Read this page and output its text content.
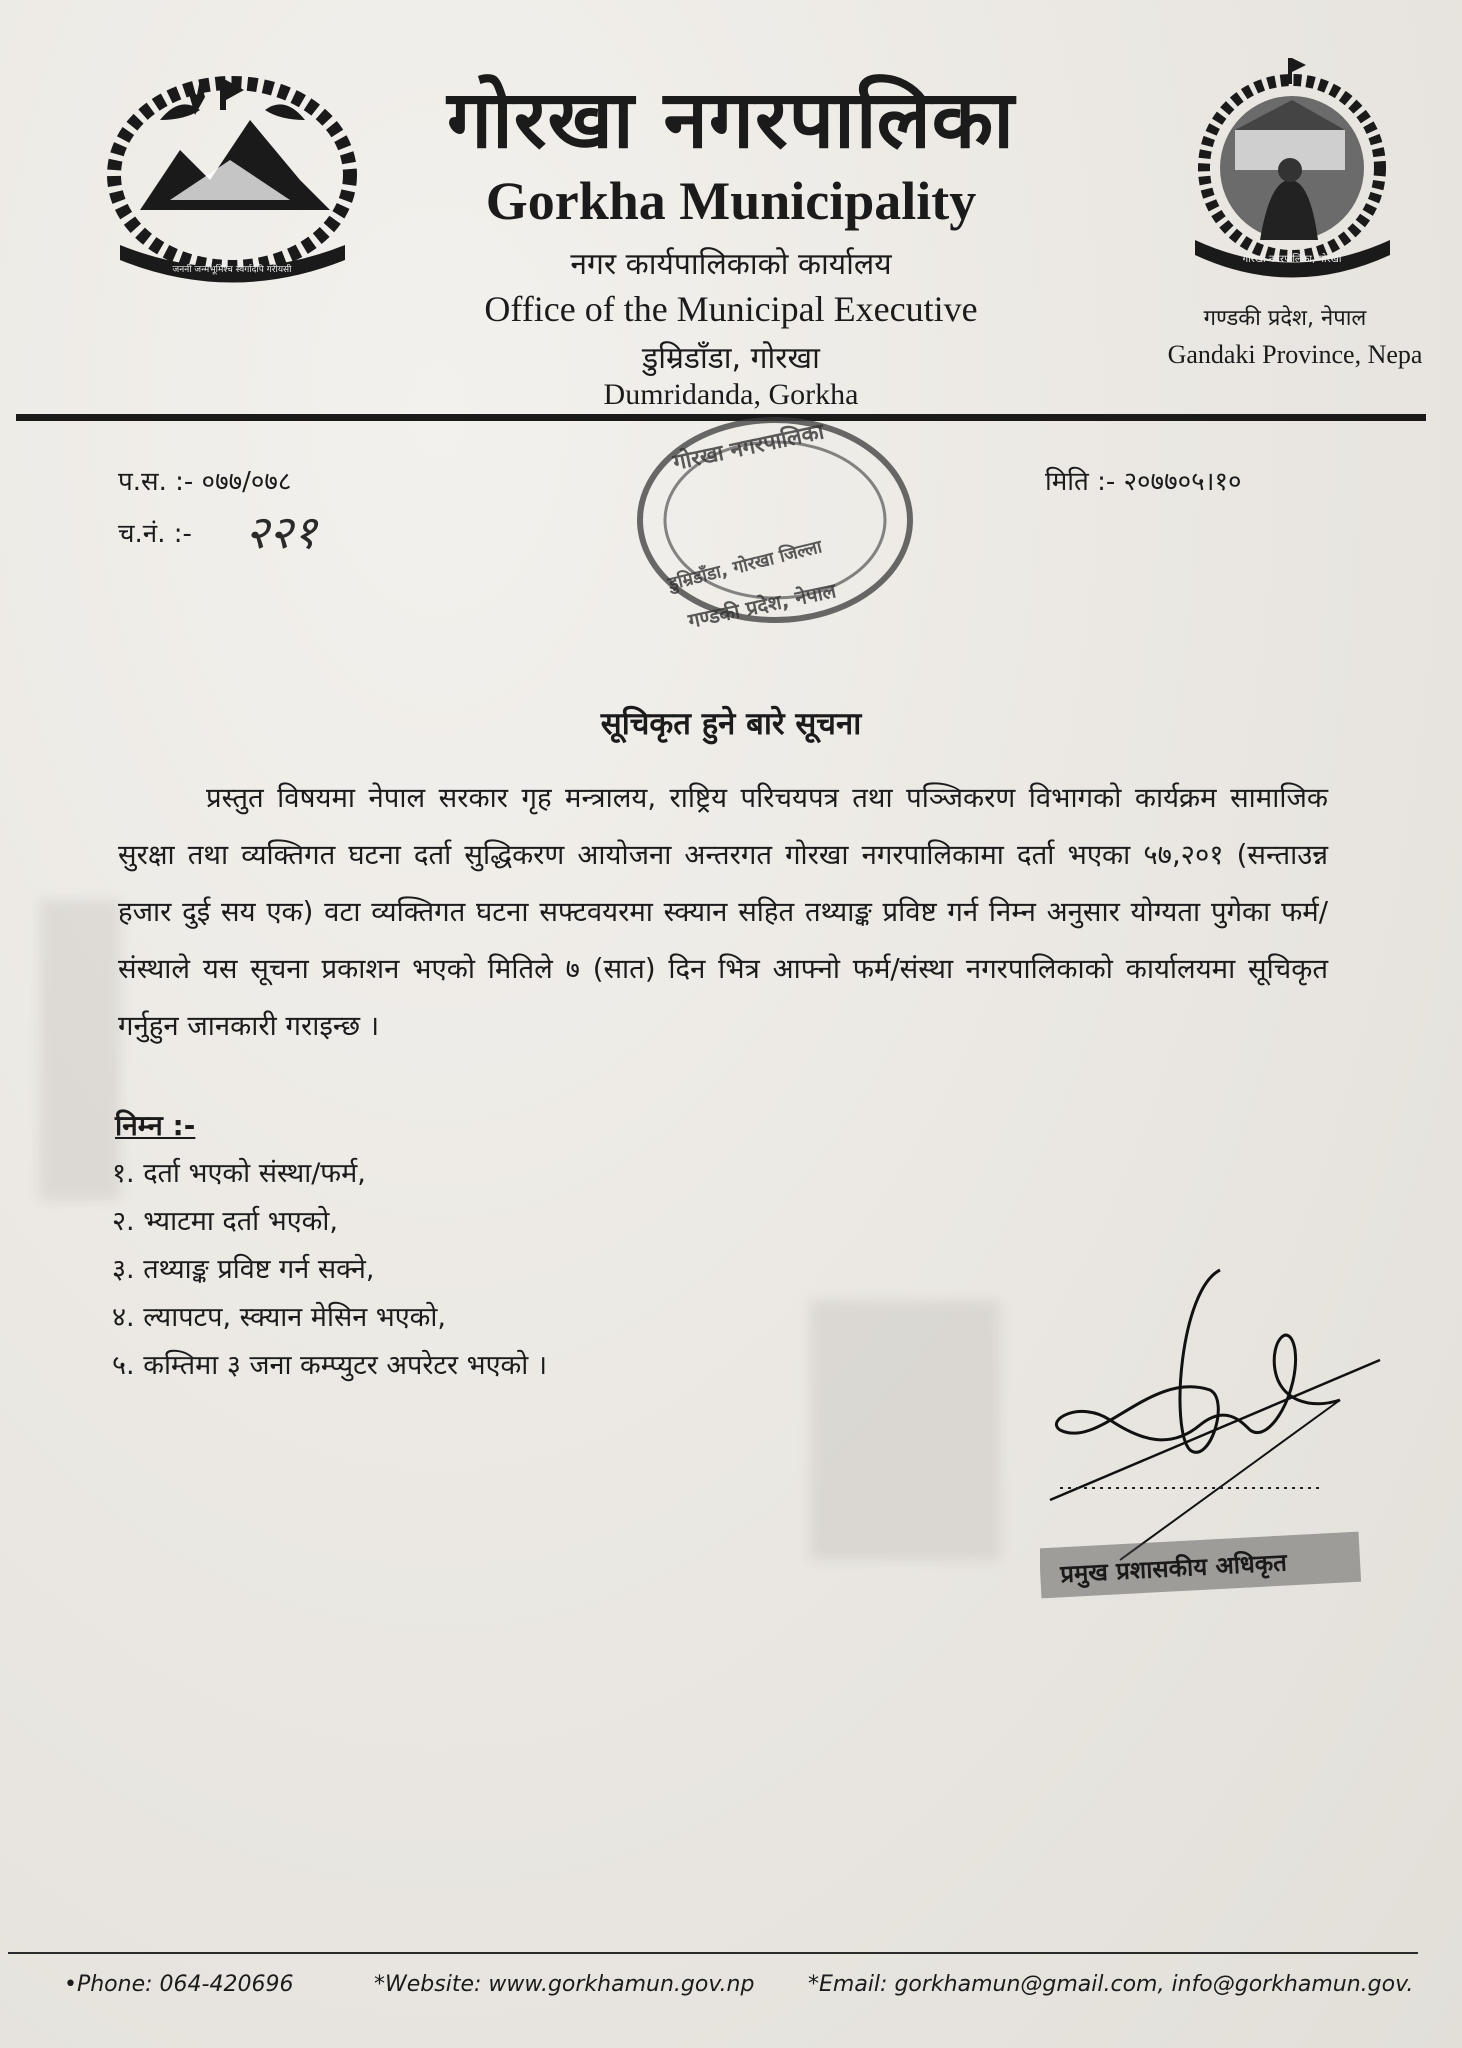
जननी जन्मभूमिश्च स्वर्गादपि गरीयसी
गोरखा नगरपालिका, गोरखा
गोरखा नगरपालिका
Gorkha Municipality
नगर कार्यपालिकाको कार्यालय
Office of the Municipal Executive
डुम्रिडाँडा, गोरखा
Dumridanda, Gorkha
गण्डकी प्रदेश, नेपाल
Gandaki Province, Nepa
प.स. :- ०७७/०७८
च.नं. :- २२१
मिति :- २०७७०५।१०
गोरखा नगरपालिका
डुम्रिडाँडा, गोरखा जिल्ला
गण्डकी प्रदेश, नेपाल
सूचिकृत हुने बारे सूचना
प्रस्तुत विषयमा नेपाल सरकार गृह मन्त्रालय, राष्ट्रिय परिचयपत्र तथा पञ्जिकरण विभागको कार्यक्रम सामाजिक सुरक्षा तथा व्यक्तिगत घटना दर्ता सुद्धिकरण आयोजना अन्तरगत गोरखा नगरपालिकामा दर्ता भएका ५७,२०१ (सन्ताउन्न हजार दुई सय एक) वटा व्यक्तिगत घटना सफ्टवयरमा स्क्यान सहित तथ्याङ्क प्रविष्ट गर्न निम्न अनुसार योग्यता पुगेका फर्म/संस्थाले यस सूचना प्रकाशन भएको मितिले ७ (सात) दिन भित्र आफ्नो फर्म/संस्था नगरपालिकाको कार्यालयमा सूचिकृत गर्नुहुन जानकारी गराइन्छ ।
निम्न :-
१. दर्ता भएको संस्था/फर्म,
२. भ्याटमा दर्ता भएको,
३. तथ्याङ्क प्रविष्ट गर्न सक्ने,
४. ल्यापटप, स्क्यान मेसिन भएको,
५. कम्तिमा ३ जना कम्प्युटर अपरेटर भएको ।
प्रमुख प्रशासकीय अधिकृत
•Phone: 064-420696	*Website: www.gorkhamun.gov.np *Email: gorkhamun@gmail.com, info@gorkhamun.gov.
